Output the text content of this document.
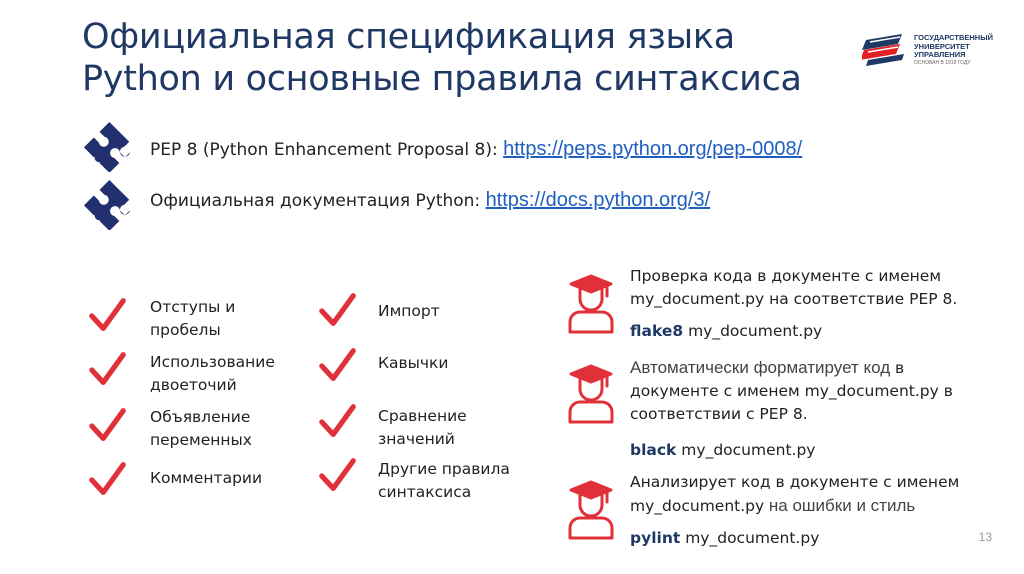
Официальная спецификация языка
Python и основные правила синтаксиса
ГОСУДАРСТВЕННЫЙ
УНИВЕРСИТЕТ
УПРАВЛЕНИЯ
ОСНОВАН В 1919 ГОДУ
PEP 8 (Python Enhancement Proposal 8): https://peps.python.org/pep-0008/
Официальная документация Python: https://docs.python.org/3/
Отступы и
пробелы
Использование
двоеточий
Объявление
переменных
Комментарии
Импорт
Кавычки
Сравнение
значений
Другие правила
синтаксиса
Проверка кода в документе с именем
my_document.py на соответствие PEP 8.
flake8 my_document.py
Автоматически форматирует код в
документе с именем my_document.py в
соответствии с PEP 8.
black my_document.py
Анализирует код в документе с именем
my_document.py на ошибки и стиль
pylint my_document.py	13
